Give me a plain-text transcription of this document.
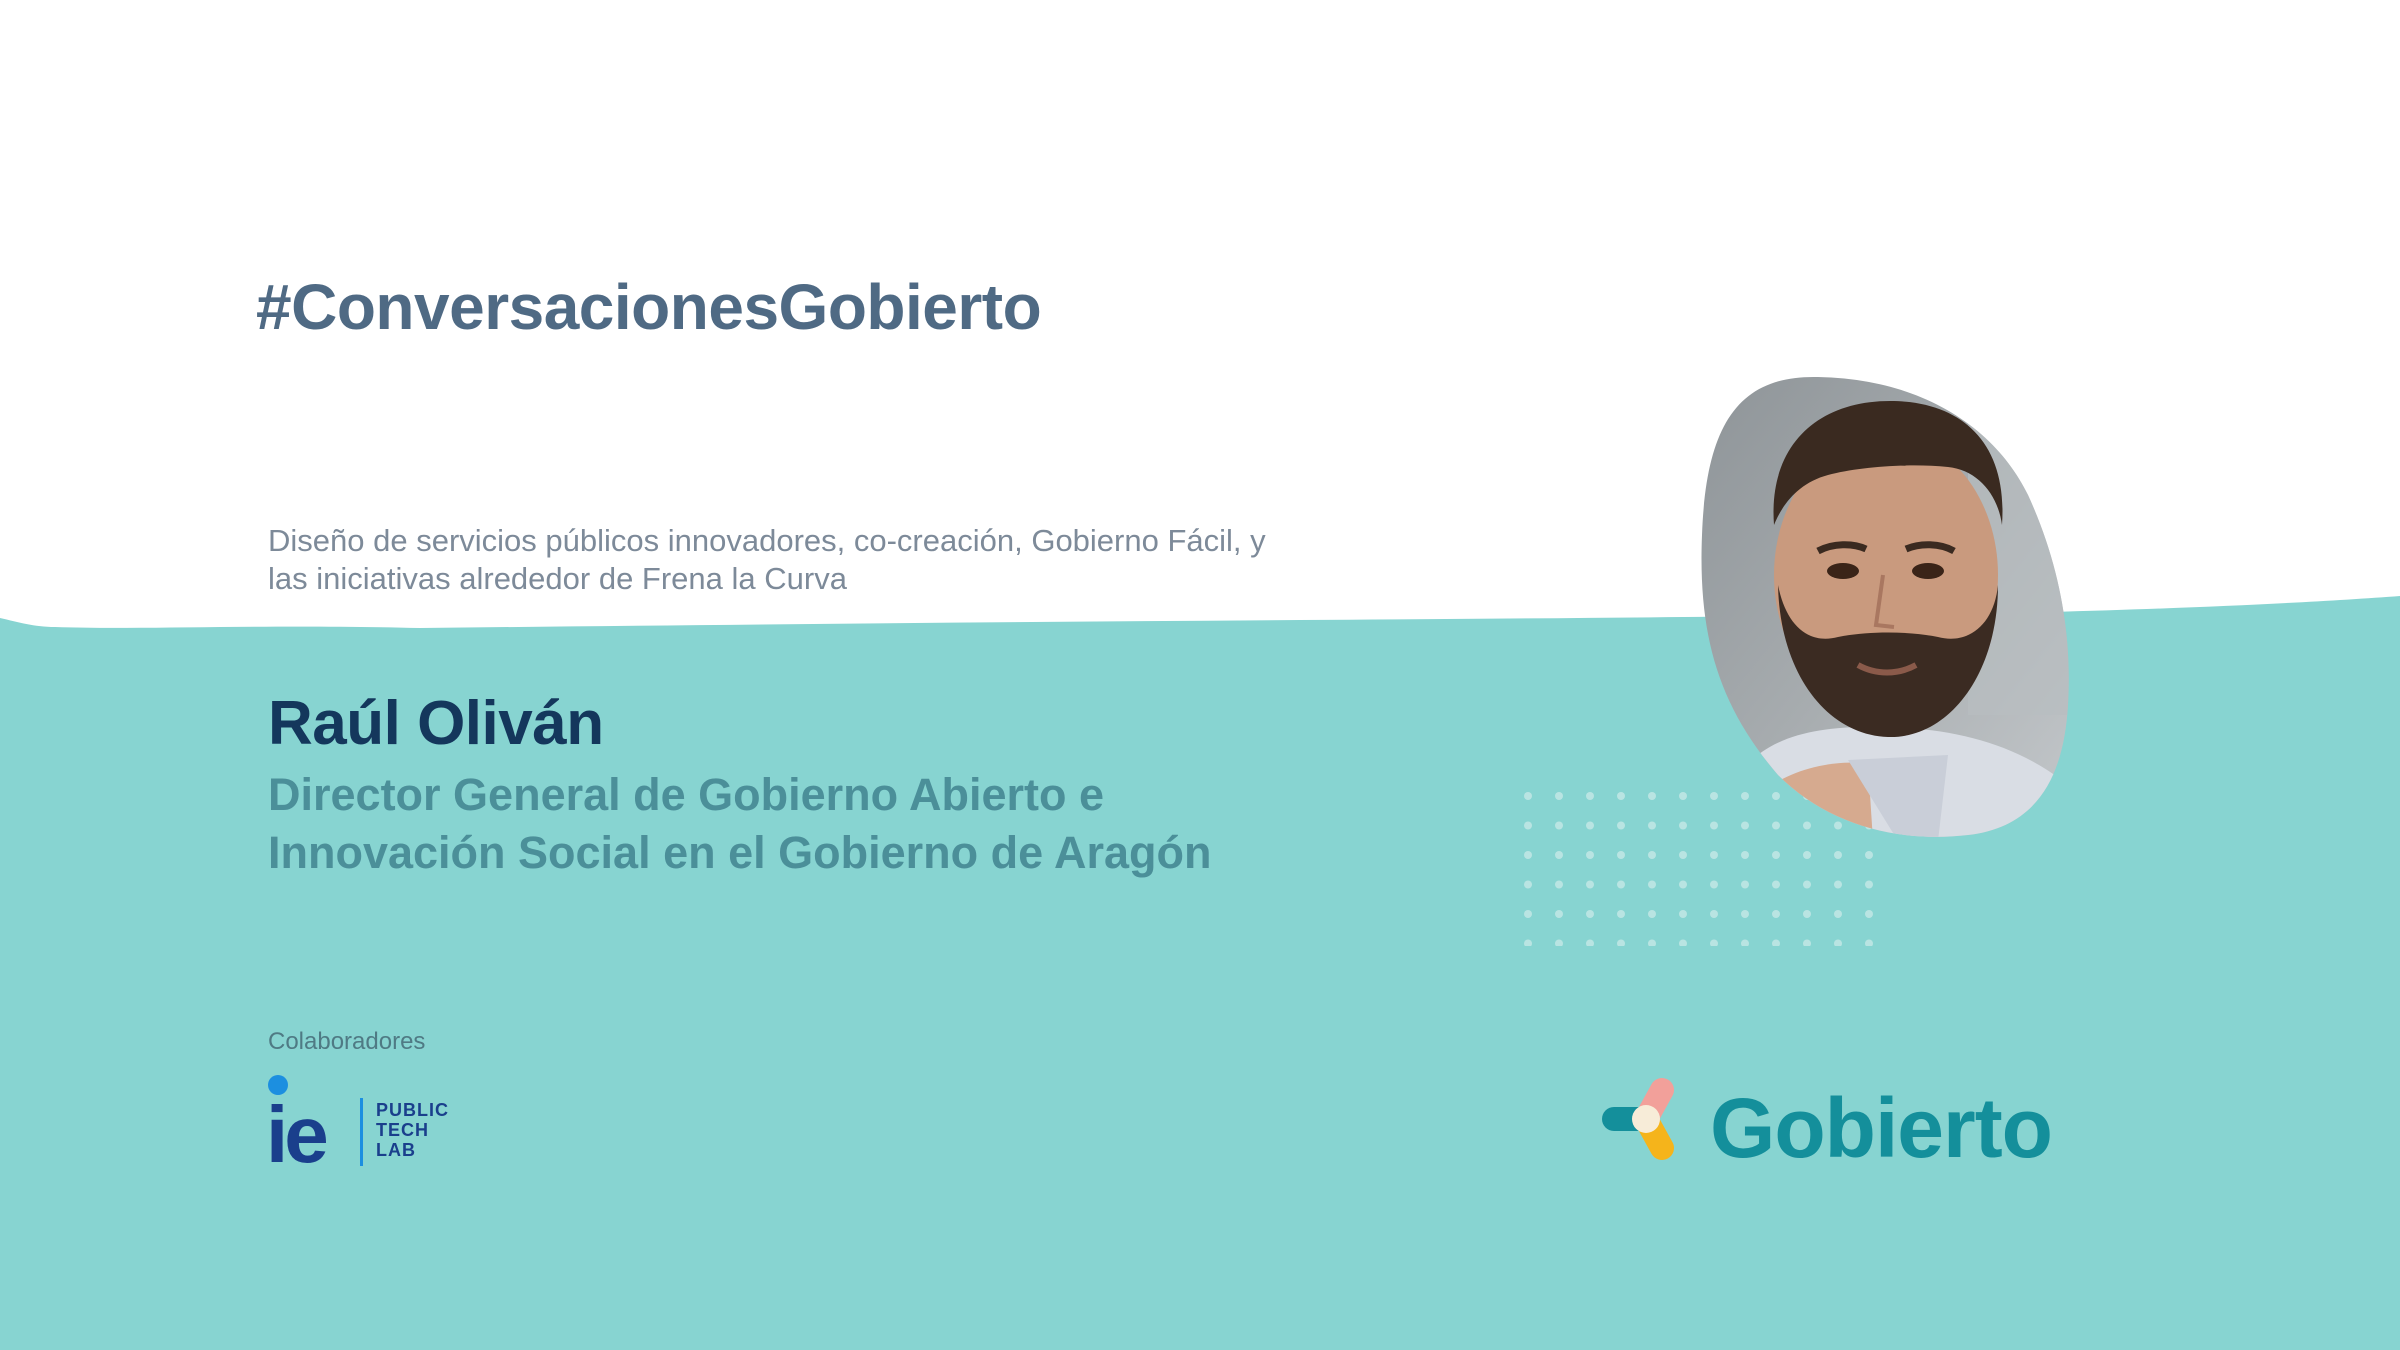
#ConversacionesGobierto

Diseño de servicios públicos innovadores, co-creación, Gobierno Fácil, y las iniciativas alrededor de Frena la Curva

Raúl Oliván

Director General de Gobierno Abierto e
Innovación Social en el Gobierno de Aragón

Colaboradores

ie	PUBLIC
TECH
LAB	Gobierto
